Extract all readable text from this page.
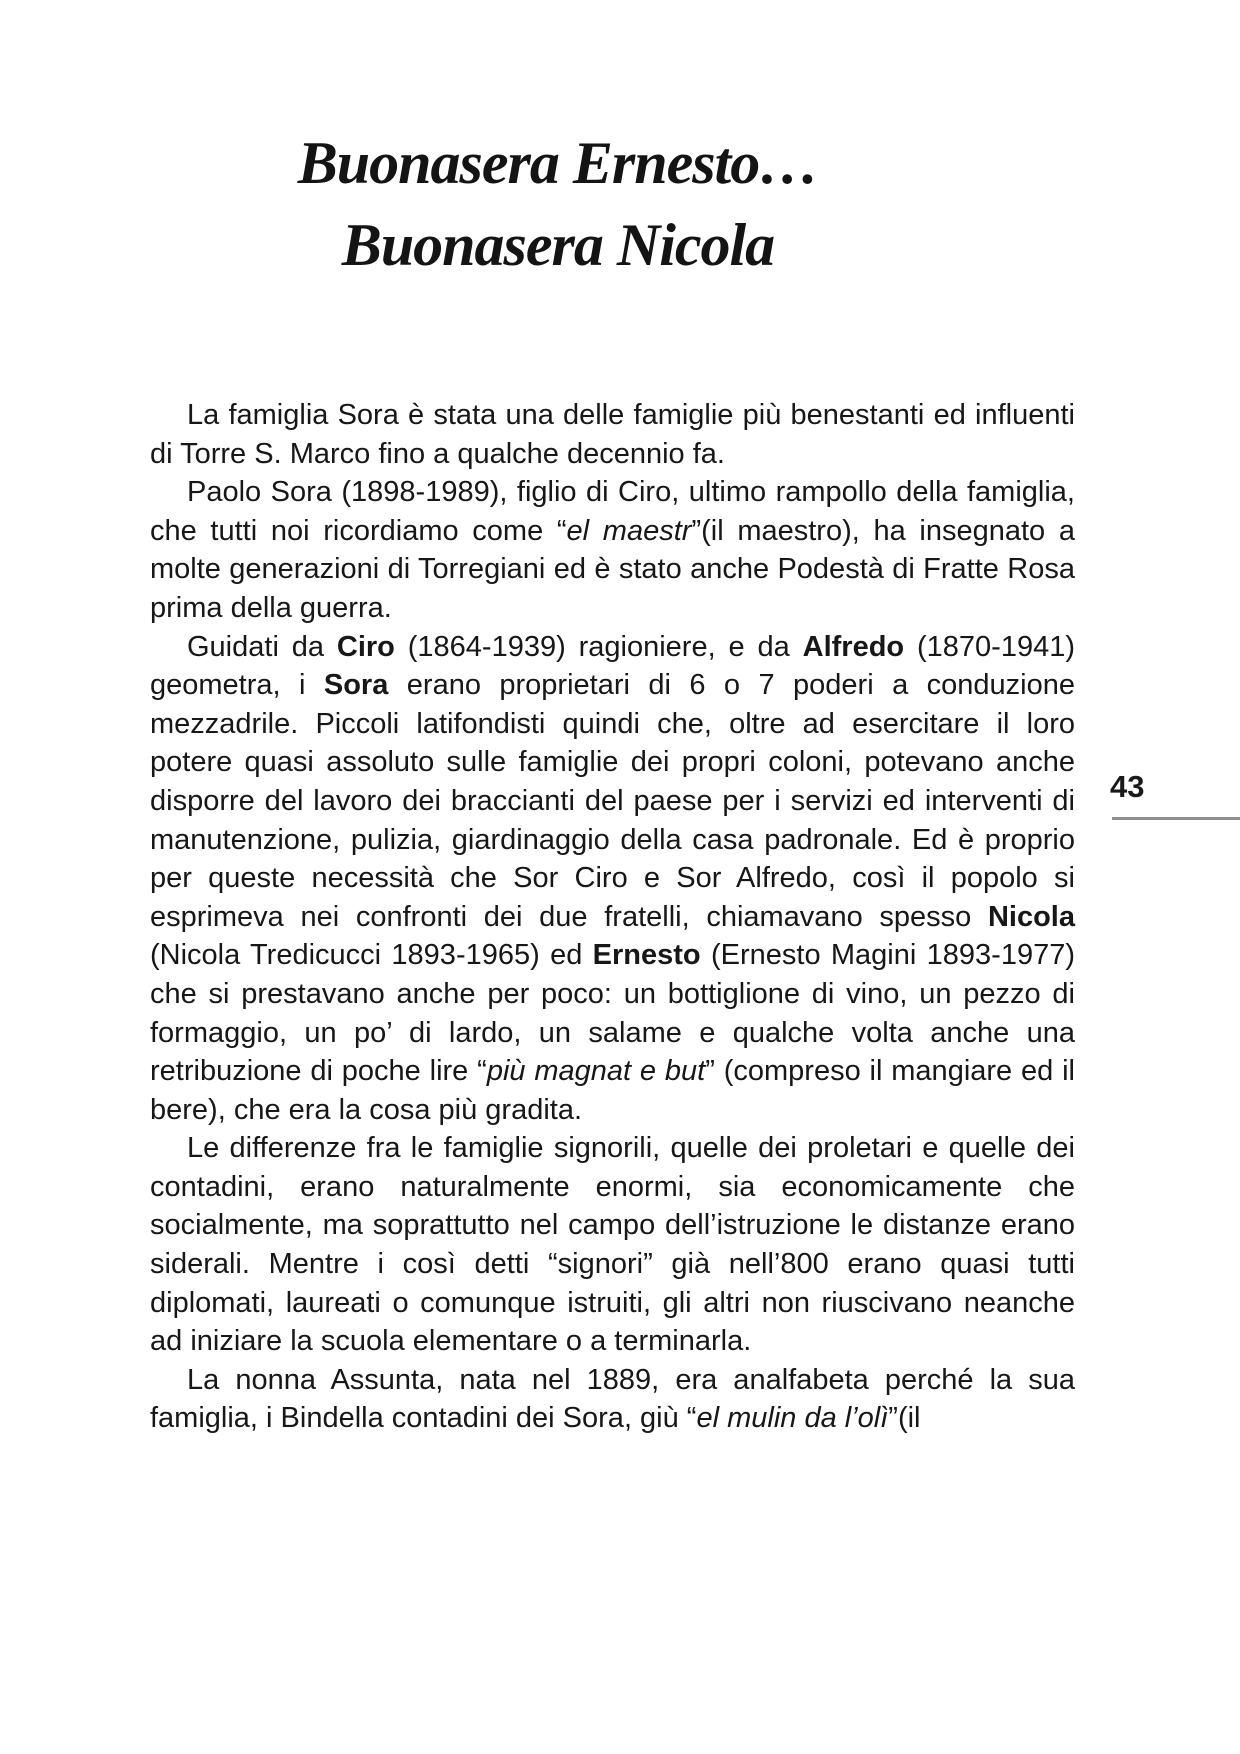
Buonasera Ernesto…
Buonasera Nicola

La famiglia Sora è stata una delle famiglie più benestanti ed influenti di Torre S. Marco fino a qualche decennio fa.

Paolo Sora (1898-1989), figlio di Ciro, ultimo rampollo della famiglia, che tutti noi ricordiamo come “el maestr”(il maestro), ha insegnato a molte generazioni di Torregiani ed è stato anche Podestà di Fratte Rosa prima della guerra.

Guidati da Ciro (1864-1939) ragioniere, e da Alfredo (1870-1941) geometra, i Sora erano proprietari di 6 o 7 poderi a conduzione mezzadrile. Piccoli latifondisti quindi che, oltre ad esercitare il loro potere quasi assoluto sulle famiglie dei propri coloni, potevano anche disporre del lavoro dei braccianti del paese per i servizi ed interventi di manutenzione, pulizia, giardinaggio della casa padronale. Ed è proprio per queste necessità che Sor Ciro e Sor Alfredo, così il popolo si esprimeva nei confronti dei due fratelli, chiamavano spesso Nicola (Nicola Tredicucci 1893-1965) ed Ernesto (Ernesto Magini 1893-1977) che si prestavano anche per poco: un bottiglione di vino, un pezzo di formaggio, un po’ di lardo, un salame e qualche volta anche una retribuzione di poche lire “più magnat e but” (compreso il mangiare ed il bere), che era la cosa più gradita.

Le differenze fra le famiglie signorili, quelle dei proletari e quelle dei contadini, erano naturalmente enormi, sia economicamente che socialmente, ma soprattutto nel campo dell’istruzione le distanze erano siderali. Mentre i così detti “signori” già nell’800 erano quasi tutti diplomati, laureati o comunque istruiti, gli altri non riuscivano neanche ad iniziare la scuola elementare o a terminarla.

La nonna Assunta, nata nel 1889, era analfabeta perché la sua famiglia, i Bindella contadini dei Sora, giù “el mulin da l’olì”(il

43
